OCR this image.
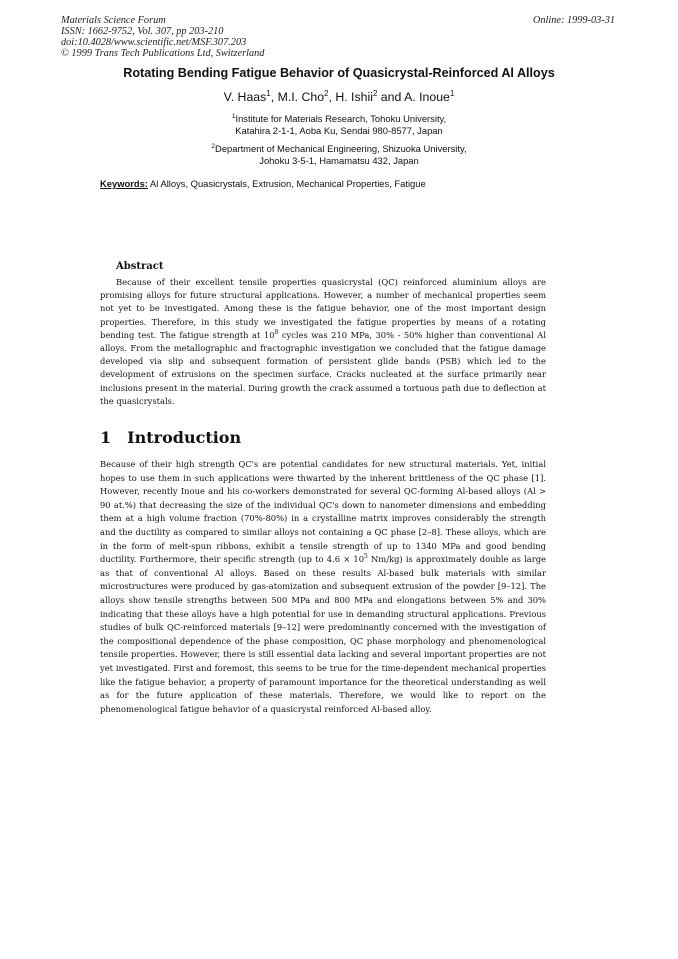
Materials Science Forum
ISSN: 1662-9752, Vol. 307, pp 203-210
doi:10.4028/www.scientific.net/MSF.307.203
© 1999 Trans Tech Publications Ltd, Switzerland
Online: 1999-03-31
Rotating Bending Fatigue Behavior of Quasicrystal-Reinforced Al Alloys
V. Haas$^1$, M.I. Cho$^2$, H. Ishii$^2$ and A. Inoue$^1$
$^1$Institute for Materials Research, Tohoku University,
Katahira 2-1-1, Aoba Ku, Sendai 980-8577, Japan
$^2$Department of Mechanical Engineering, Shizuoka University,
Johoku 3-5-1, Hamamatsu 432, Japan
Keywords: Al Alloys, Quasicrystals, Extrusion, Mechanical Properties, Fatigue
Abstract
Because of their excellent tensile properties quasicrystal (QC) reinforced aluminium alloys are promising alloys for future structural applications. However, a number of mechanical properties seem not yet to be investigated. Among these is the fatigue behavior, one of the most important design properties. Therefore, in this study we investigated the fatigue properties by means of a rotating bending test. The fatigue strength at $10^8$ cycles was 210 MPa, 30% - 50% higher than conventional Al alloys. From the metallographic and fractographic investigation we concluded that the fatigue damage developed via slip and subsequent formation of persistent glide bands (PSB) which led to the development of extrusions on the specimen surface. Cracks nucleated at the surface primarily near inclusions present in the material. During growth the crack assumed a tortuous path due to deflection at the quasicrystals.
1 Introduction
Because of their high strength QC's are potential candidates for new structural materials. Yet, initial hopes to use them in such applications were thwarted by the inherent brittleness of the QC phase [1]. However, recently Inoue and his co-workers demonstrated for several QC-forming Al-based alloys (Al > 90 at.%) that decreasing the size of the individual QC's down to nanometer dimensions and embedding them at a high volume fraction (70%-80%) in a crystalline matrix improves considerably the strength and the ductility as compared to similar alloys not containing a QC phase [2–8]. These alloys, which are in the form of melt-spun ribbons, exhibit a tensile strength of up to 1340 MPa and good bending ductility. Furthermore, their specific strength (up to $4.6 \times 10^5$ Nm/kg) is approximately double as large as that of conventional Al alloys. Based on these results Al-based bulk materials with similar microstructures were produced by gas-atomization and subsequent extrusion of the powder [9–12]. The alloys show tensile strengths between 500 MPa and 800 MPa and elongations between 5% and 30% indicating that these alloys have a high potential for use in demanding structural applications. Previous studies of bulk QC-reinforced materials [9–12] were predominantly concerned with the investigation of the compositional dependence of the phase composition, QC phase morphology and phenomenological tensile properties. However, there is still essential data lacking and several important properties are not yet investigated. First and foremost, this seems to be true for the time-dependent mechanical properties like the fatigue behavior, a property of paramount importance for the theoretical understanding as well as for the future application of these materials. Therefore, we would like to report on the phenomenological fatigue behavior of a quasicrystal reinforced Al-based alloy.
